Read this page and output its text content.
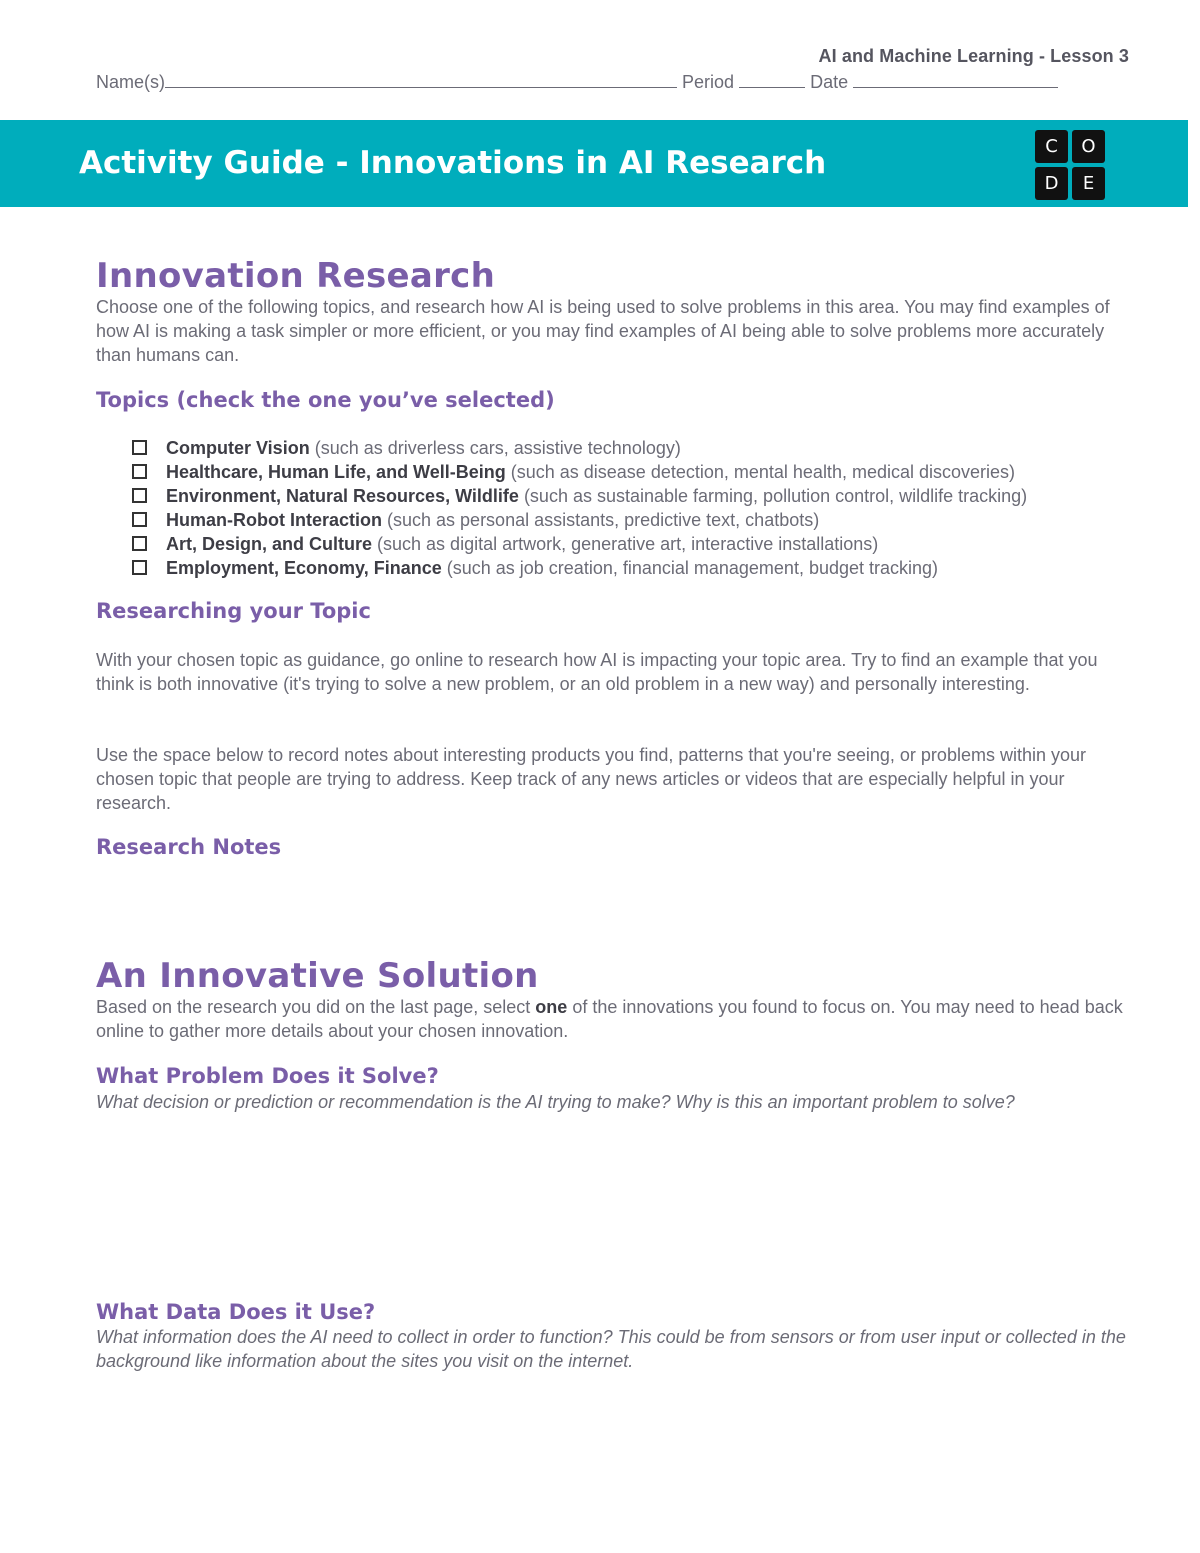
AI and Machine Learning - Lesson 3

Name(s)	Period	Date
Activity Guide - Innovations in AI Research	C	O
D	E
Innovation Research

Choose one of the following topics, and research how AI is being used to solve problems in this area. You may find examples of how AI is making a task simpler or more efficient, or you may find examples of AI being able to solve problems more accurately than humans can.

Topics (check the one you’ve selected)
Computer Vision (such as driverless cars, assistive technology)
Healthcare, Human Life, and Well-Being (such as disease detection, mental health, medical discoveries)
Environment, Natural Resources, Wildlife (such as sustainable farming, pollution control, wildlife tracking)
Human-Robot Interaction (such as personal assistants, predictive text, chatbots)
Art, Design, and Culture (such as digital artwork, generative art, interactive installations)
Employment, Economy, Finance (such as job creation, financial management, budget tracking)
Researching your Topic

With your chosen topic as guidance, go online to research how AI is impacting your topic area. Try to find an example that you think is both innovative (it's trying to solve a new problem, or an old problem in a new way) and personally interesting.

Use the space below to record notes about interesting products you find, patterns that you're seeing, or problems within your chosen topic that people are trying to address. Keep track of any news articles or videos that are especially helpful in your research.

Research Notes
An Innovative Solution

Based on the research you did on the last page, select one of the innovations you found to focus on. You may need to head back online to gather more details about your chosen innovation.

What Problem Does it Solve?

What decision or prediction or recommendation is the AI trying to make? Why is this an important problem to solve?

What Data Does it Use?

What information does the AI need to collect in order to function? This could be from sensors or from user input or collected in the background like information about the sites you visit on the internet.
